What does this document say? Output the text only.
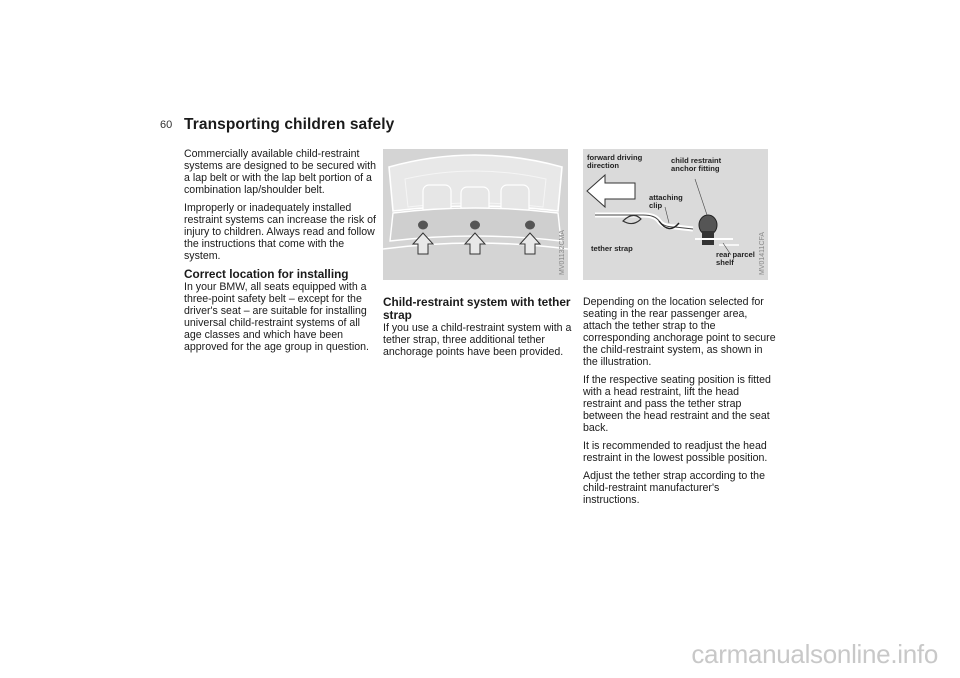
60 Transporting children safely

Commercially available child-restraint systems are designed to be secured with a lap belt or with the lap belt portion of a combination lap/shoulder belt.

Improperly or inadequately installed restraint systems can increase the risk of injury to children. Always read and follow the instructions that come with the system.

Correct location for installing

In your BMW, all seats equipped with a three-point safety belt – except for the driver's seat – are suitable for installing universal child-restraint systems of all age classes and which have been approved for the age group in question.

MV01132CMA
forward driving direction
child restraint anchor fitting
attaching clip
tether strap
rear parcel shelf	MV01411CFA
Child-restraint system with tether strap

If you use a child-restraint system with a tether strap, three additional tether anchorage points have been provided.

Depending on the location selected for seating in the rear passenger area, attach the tether strap to the corresponding anchorage point to secure the child-restraint system, as shown in the illustration.

If the respective seating position is fitted with a head restraint, lift the head restraint and pass the tether strap between the head restraint and the seat back.

It is recommended to readjust the head restraint in the lowest possible position.

Adjust the tether strap according to the child-restraint manufacturer's instructions.

carmanualsonline.info
